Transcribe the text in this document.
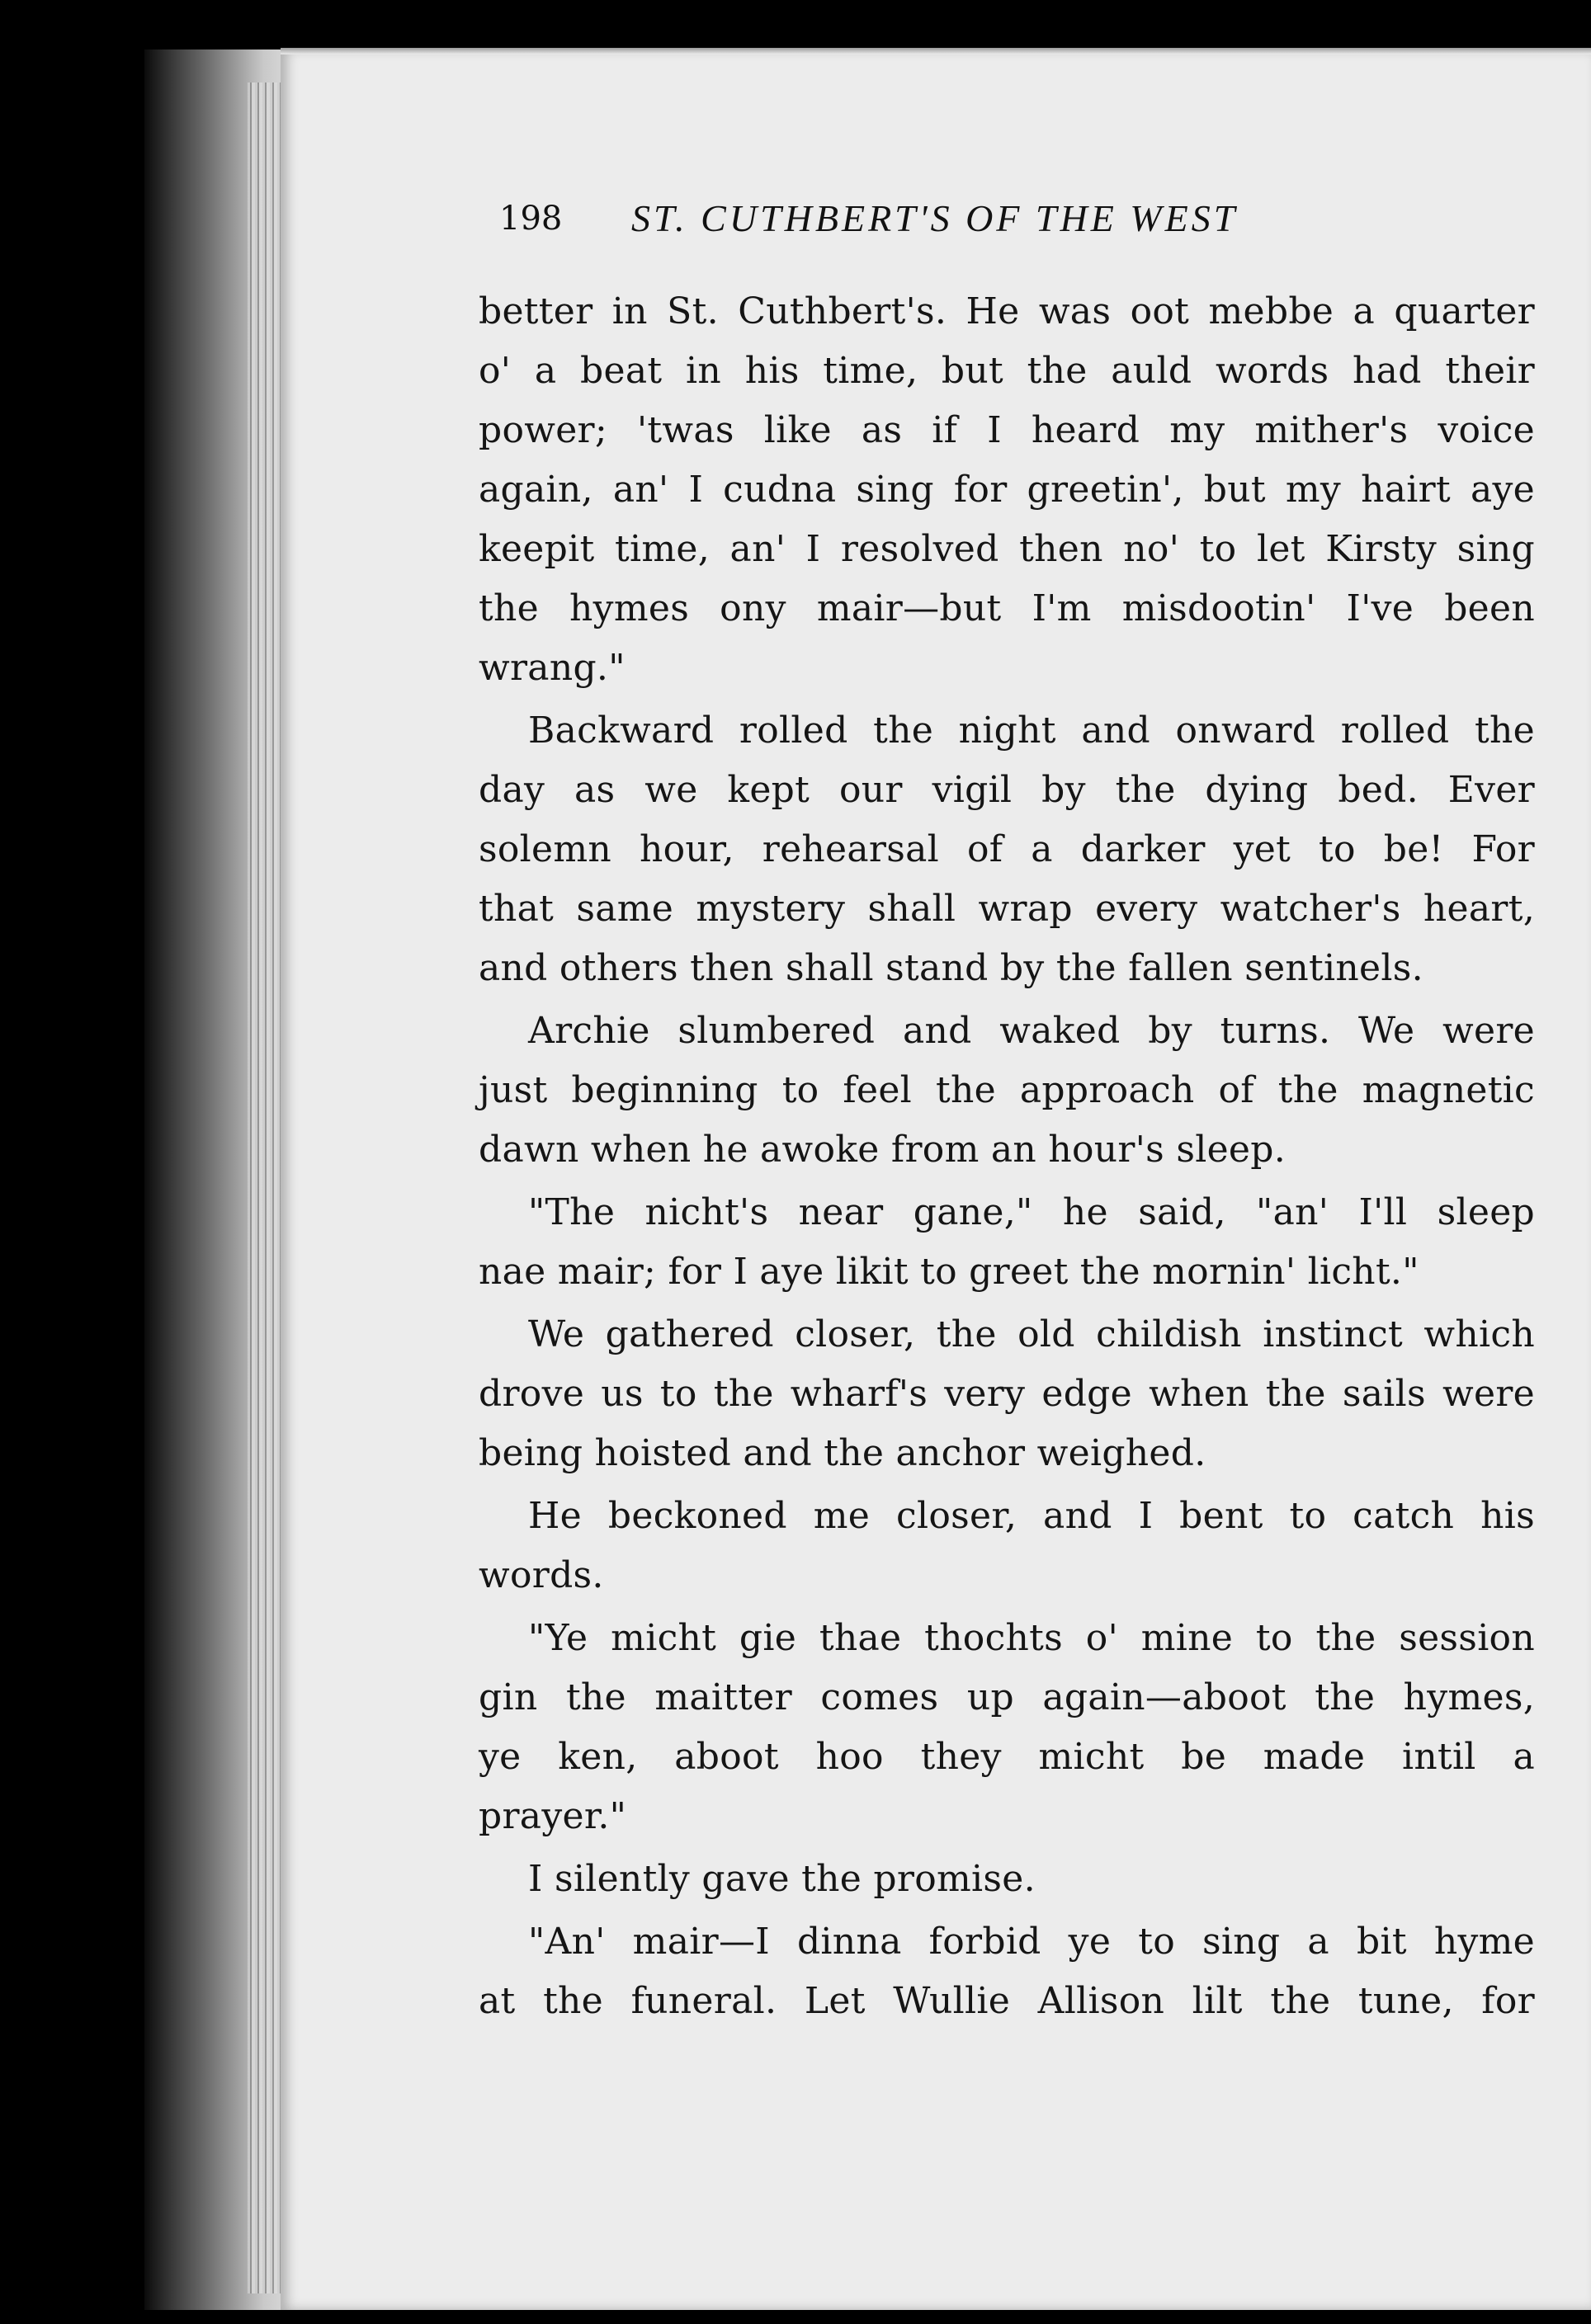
198 ST. CUTHBERT'S OF THE WEST
better in St. Cuthbert's. He was oot mebbe a quarter
o' a beat in his time, but the auld words had their
power; 'twas like as if I heard my mither's voice
again, an' I cudna sing for greetin', but my hairt aye
keepit time, an' I resolved then no' to let Kirsty sing
the hymes ony mair—but I'm misdootin' I've been
wrang."
Backward rolled the night and onward rolled the
day as we kept our vigil by the dying bed. Ever
solemn hour, rehearsal of a darker yet to be! For
that same mystery shall wrap every watcher's heart,
and others then shall stand by the fallen sentinels.
Archie slumbered and waked by turns. We were
just beginning to feel the approach of the magnetic
dawn when he awoke from an hour's sleep.
"The nicht's near gane," he said, "an' I'll sleep
nae mair; for I aye likit to greet the mornin' licht."
We gathered closer, the old childish instinct which
drove us to the wharf's very edge when the sails were
being hoisted and the anchor weighed.
He beckoned me closer, and I bent to catch his
words.
"Ye micht gie thae thochts o' mine to the session
gin the maitter comes up again—aboot the hymes,
ye ken, aboot hoo they micht be made intil a
prayer."
I silently gave the promise.
"An' mair—I dinna forbid ye to sing a bit hyme
at the funeral. Let Wullie Allison lilt the tune, for
